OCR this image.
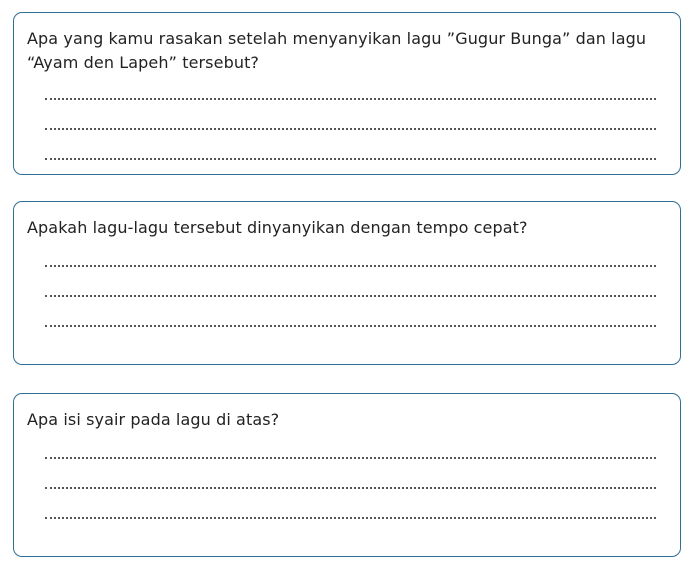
Apa yang kamu rasakan setelah menyanyikan lagu ”Gugur Bunga” dan lagu “Ayam den Lapeh” tersebut?

Apakah lagu-lagu tersebut dinyanyikan dengan tempo cepat?

Apa isi syair pada lagu di atas?
